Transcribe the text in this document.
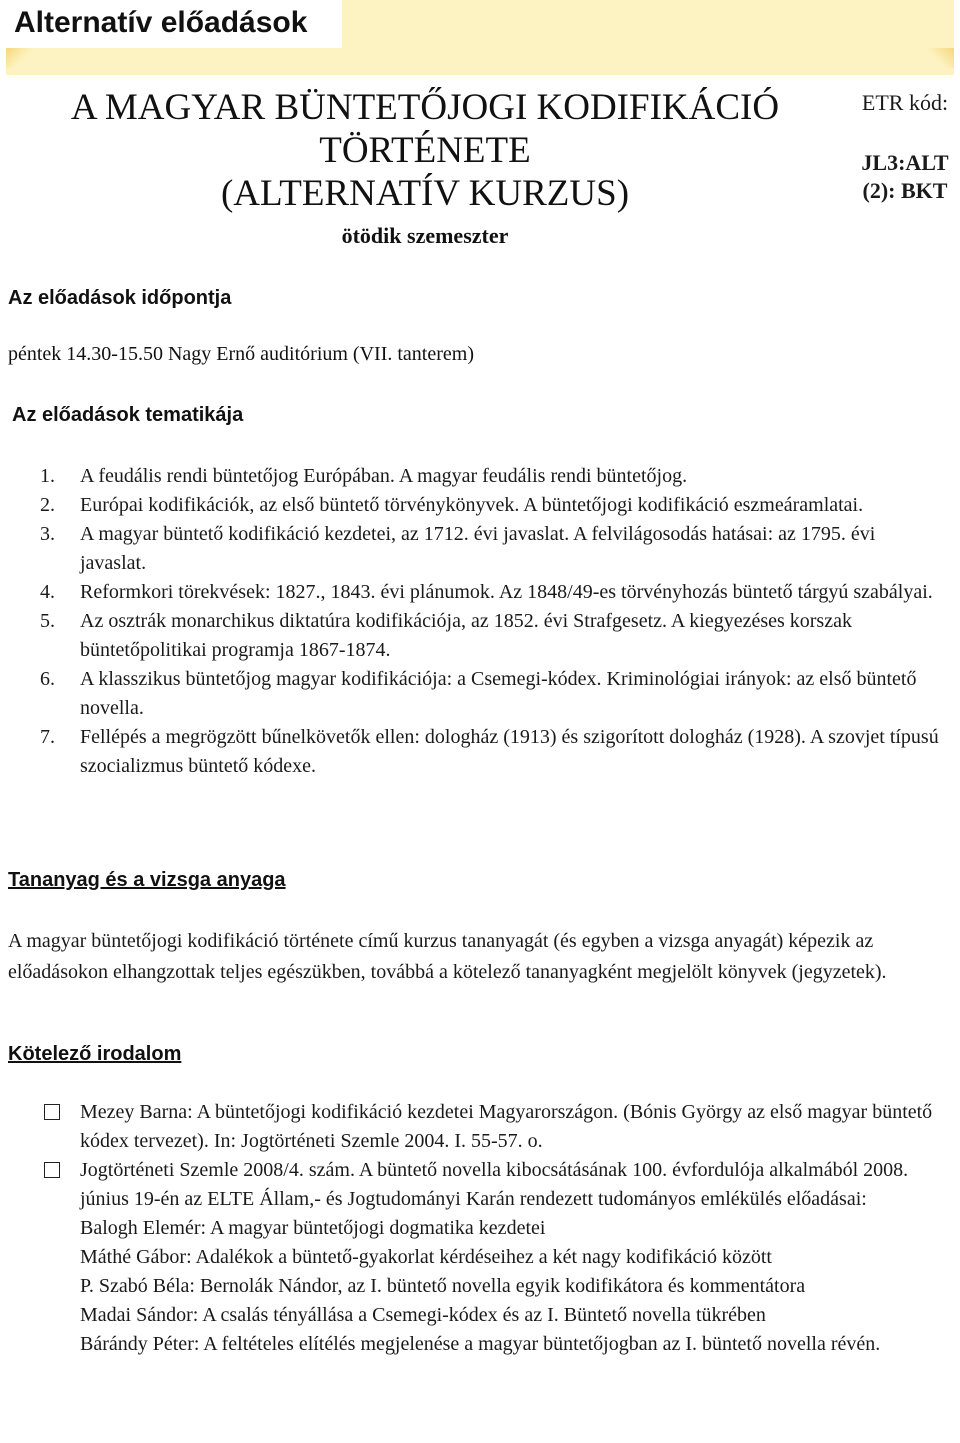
Alternatív előadások
A MAGYAR BÜNTETŐJOGI KODIFIKÁCIÓ
TÖRTÉNETE
(ALTERNATÍV KURZUS)
ötödik szemeszter
ETR kód:
JL3:ALT
(2): BKT
Az előadások időpontja
péntek 14.30-15.50 Nagy Ernő auditórium (VII. tanterem)
Az előadások tematikája
1. A feudális rendi büntetőjog Európában. A magyar feudális rendi büntetőjog.
2. Európai kodifikációk, az első büntető törvénykönyvek. A büntetőjogi kodifikáció eszmeáramlatai.
3. A magyar büntető kodifikáció kezdetei, az 1712. évi javaslat. A felvilágosodás hatásai: az 1795. évi javaslat.
4. Reformkori törekvések: 1827., 1843. évi plánumok. Az 1848/49-es törvényhozás büntető tárgyú szabályai.
5. Az osztrák monarchikus diktatúra kodifikációja, az 1852. évi Strafgesetz. A kiegyezéses korszak büntetőpolitikai programja 1867-1874.
6. A klasszikus büntetőjog magyar kodifikációja: a Csemegi-kódex. Kriminológiai irányok: az első büntető novella.
7. Fellépés a megrögzött bűnelkövetők ellen: dologház (1913) és szigorított dologház (1928). A szovjet típusú szocializmus büntető kódexe.
Tananyag és a vizsga anyaga
A magyar büntetőjogi kodifikáció története című kurzus tananyagát (és egyben a vizsga anyagát) képezik az előadásokon elhangzottak teljes egészükben, továbbá a kötelező tananyagként megjelölt könyvek (jegyzetek).
Kötelező irodalom
Mezey Barna: A büntetőjogi kodifikáció kezdetei Magyarországon. (Bónis György az első magyar büntető kódex tervezet). In: Jogtörténeti Szemle 2004. I. 55-57. o.
Jogtörténeti Szemle 2008/4. szám. A büntető novella kibocsátásának 100. évfordulója alkalmából 2008. június 19-én az ELTE Állam,- és Jogtudományi Karán rendezett tudományos emlékülés előadásai:
Balogh Elemér: A magyar büntetőjogi dogmatika kezdetei
Máthé Gábor: Adalékok a büntető-gyakorlat kérdéseihez a két nagy kodifikáció között
P. Szabó Béla: Bernolák Nándor, az I. büntető novella egyik kodifikátora és kommentátora
Madai Sándor: A csalás tényállása a Csemegi-kódex és az I. Büntető novella tükrében
Bárándy Péter: A feltételes elítélés megjelenése a magyar büntetőjogban az I. büntető novella révén.
